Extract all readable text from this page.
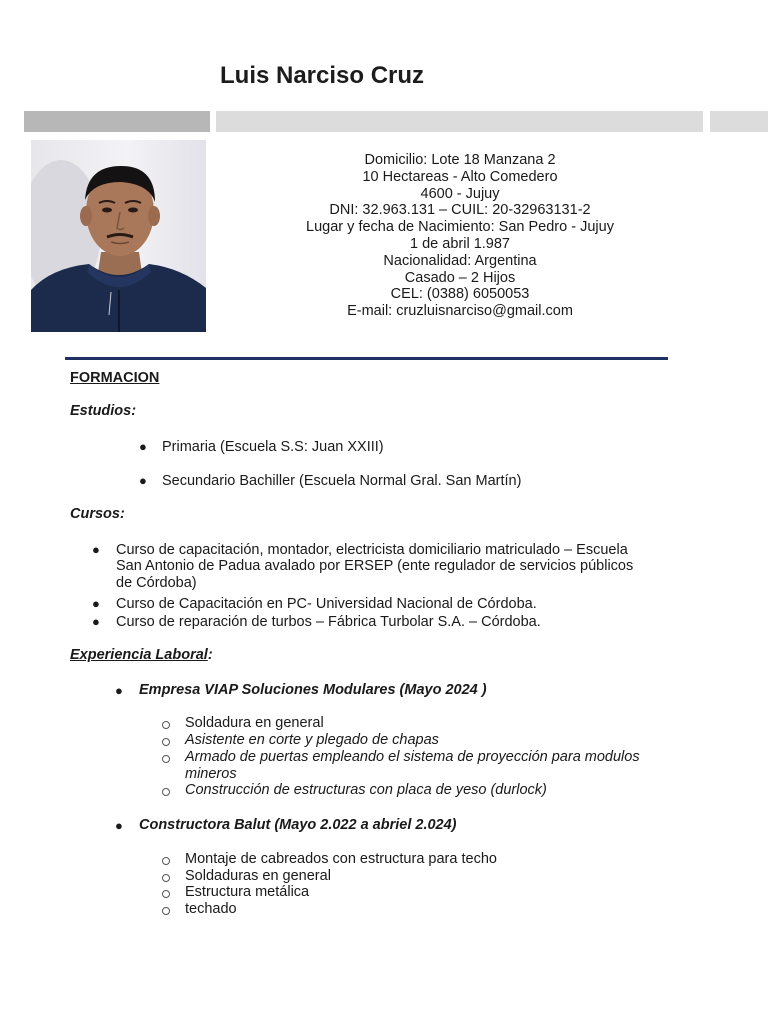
Luis Narciso Cruz
Domicilio: Lote 18 Manzana 2
10 Hectareas - Alto Comedero
4600 - Jujuy
DNI: 32.963.131 – CUIL: 20-32963131-2
Lugar y fecha de Nacimiento: San Pedro - Jujuy
1 de abril 1.987
Nacionalidad: Argentina
Casado – 2 Hijos
CEL: (0388) 6050053
E-mail: cruzluisnarciso@gmail.com
FORMACION
Estudios:
● Primaria (Escuela S.S: Juan XXIII)
● Secundario Bachiller (Escuela Normal Gral. San Martín)
Cursos:
● Curso de capacitación, montador, electricista domiciliario matriculado – Escuela
San Antonio de Padua avalado por ERSEP (ente regulador de servicios públicos
de Córdoba)
● Curso de Capacitación en PC- Universidad Nacional de Córdoba.
● Curso de reparación de turbos – Fábrica Turbolar S.A. – Córdoba.
Experiencia Laboral:
● Empresa VIAP Soluciones Modulares (Mayo 2024 )
Soldadura en general
Asistente en corte y plegado de chapas
Armado de puertas empleando el sistema de proyección para modulos
mineros
Construcción de estructuras con placa de yeso (durlock)
● Constructora Balut (Mayo 2.022 a abriel 2.024)
Montaje de cabreados con estructura para techo
Soldaduras en general
Estructura metálica
techado
